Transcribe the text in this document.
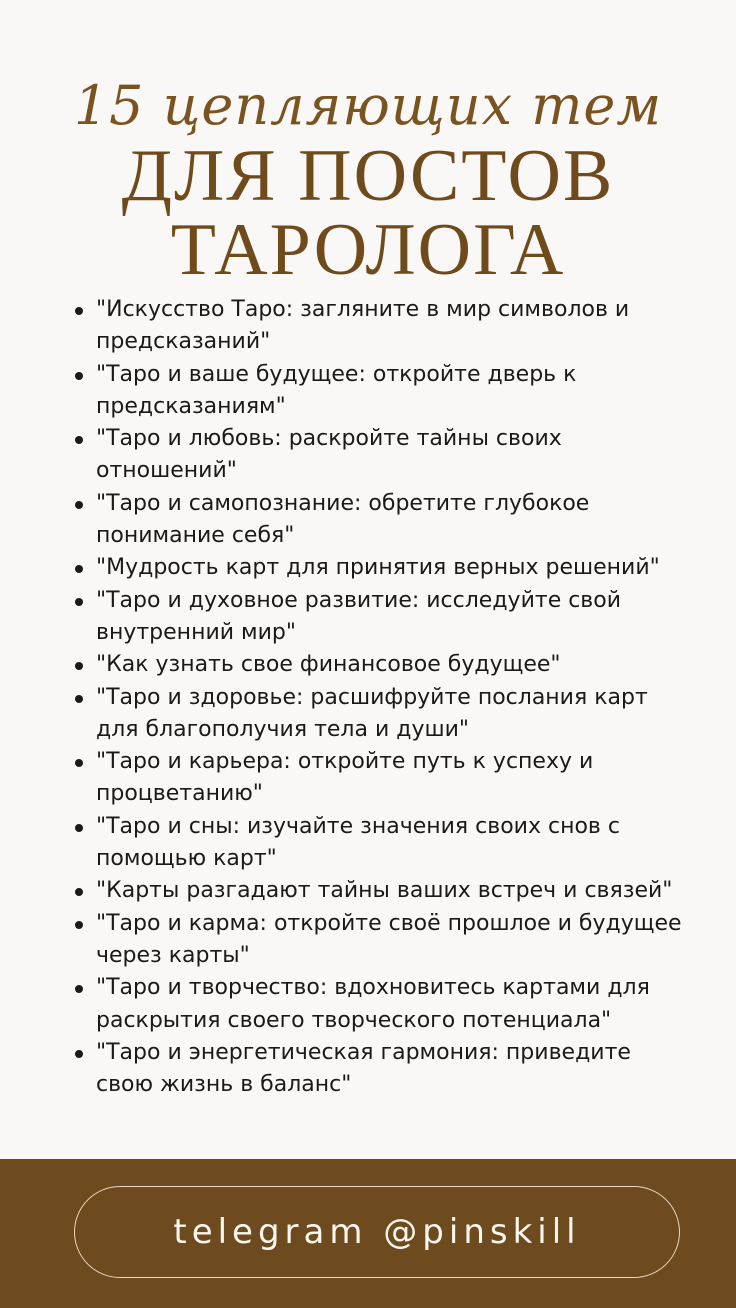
15 цепляющих тем
ДЛЯ ПОСТОВ
ТАРОЛОГА
"Искусство Таро: загляните в мир символов и предсказаний"
"Таро и ваше будущее: откройте дверь к предсказаниям"
"Таро и любовь: раскройте тайны своих отношений"
"Таро и самопознание: обретите глубокое понимание себя"
"Мудрость карт для принятия верных решений"
"Таро и духовное развитие: исследуйте свой внутренний мир"
"Как узнать свое финансовое будущее"
"Таро и здоровье: расшифруйте послания карт для благополучия тела и души"
"Таро и карьера: откройте путь к успеху и процветанию"
"Таро и сны: изучайте значения своих снов с помощью карт"
"Карты разгадают тайны ваших встреч и связей"
"Таро и карма: откройте своё прошлое и будущее через карты"
"Таро и творчество: вдохновитесь картами для раскрытия своего творческого потенциала"
"Таро и энергетическая гармония: приведите свою жизнь в баланс"
telegram @pinskill
